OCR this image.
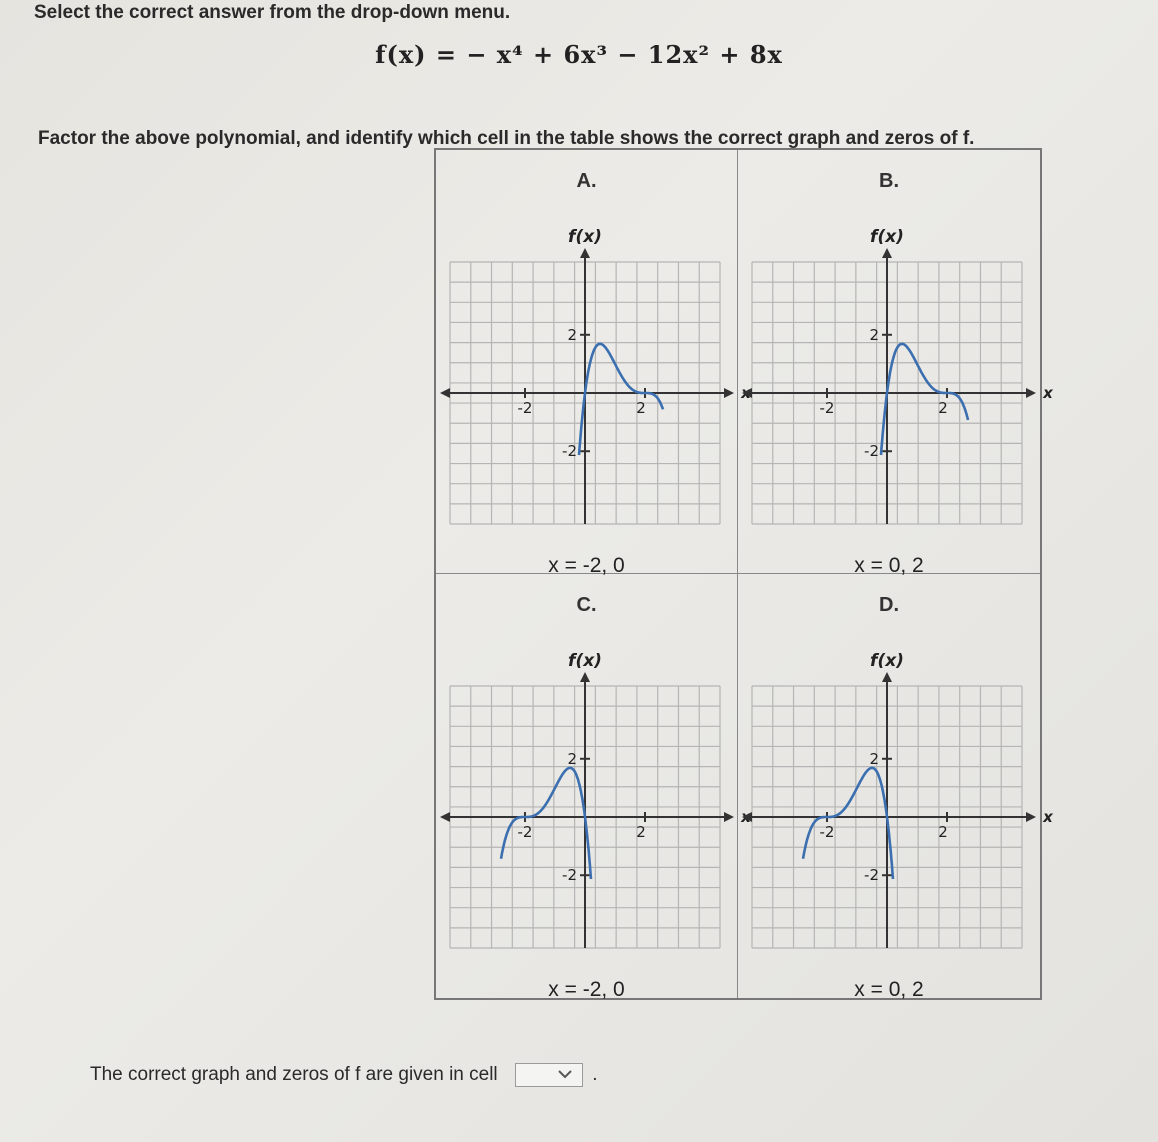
Select the correct answer from the drop-down menu.
f(x) = − x⁴ + 6x³ − 12x² + 8x
Factor the above polynomial, and identify which cell in the table shows the correct graph and zeros of f.
A.
2
-2
2
-2
f(x)
x = -2, 0
B.
2
-2
2
-2
x
f(x)
x = 0, 2
C.
2
-2
2
-2
f(x)
x = -2, 0
D.
2
-2
2
-2
x
f(x)
x = 0, 2
The correct graph and zeros of f are given in cell	.
